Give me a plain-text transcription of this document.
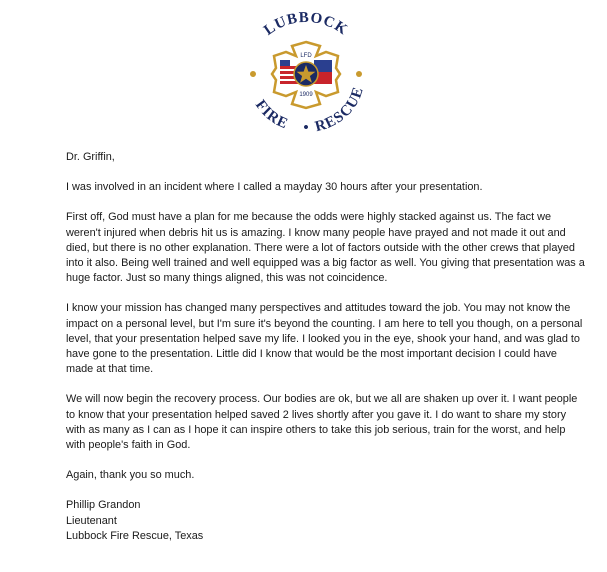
LUBBOCK
FIRE • RESCUE
LFD
1909

Dr. Griffin,

I was involved in an incident where I called a mayday 30 hours after your presentation.

First off, God must have a plan for me because the odds were highly stacked against us. The fact we weren't injured when debris hit us is amazing. I know many people have prayed and not made it out and died, but there is no other explanation. There were a lot of factors outside with the other crews that played into it also. Being well trained and well equipped was a big factor as well. You giving that presentation was a huge factor. Just so many things aligned, this was not coincidence.

I know your mission has changed many perspectives and attitudes toward the job. You may not know the impact on a personal level, but I'm sure it's beyond the counting. I am here to tell you though, on a personal level, that your presentation helped save my life. I looked you in the eye, shook your hand, and was glad to have gone to the presentation. Little did I know that would be the most important decision I could have made at that time.

We will now begin the recovery process. Our bodies are ok, but we all are shaken up over it. I want people to know that your presentation helped saved 2 lives shortly after you gave it. I do want to share my story with as many as I can as I hope it can inspire others to take this job serious, train for the worst, and help with people's faith in God.

Again, thank you so much.

Phillip Grandon

Lieutenant

Lubbock Fire Rescue, Texas
